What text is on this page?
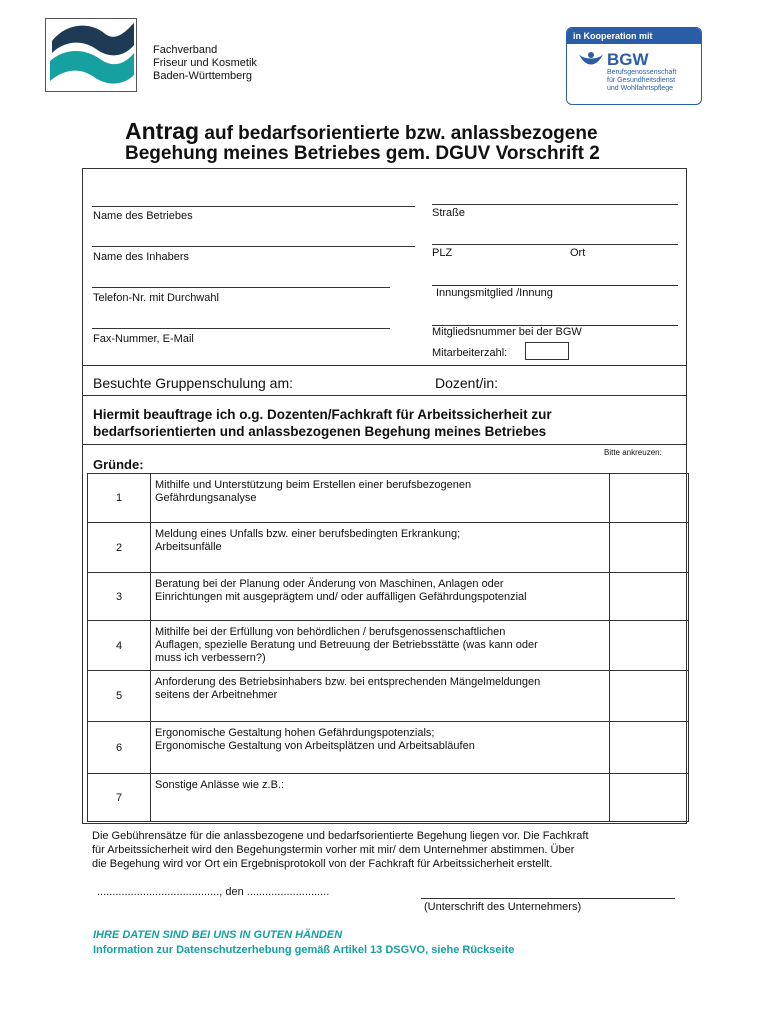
Fachverband
Friseur und Kosmetik
Baden-Württemberg
in Kooperation mit
BGW
Berufsgenossenschaft
für Gesundheitsdienst
und Wohlfahrtspflege
Antrag auf bedarfsorientierte bzw. anlassbezogene
Begehung meines Betriebes gem. DGUV Vorschrift 2
Name des Betriebes
Name des Inhabers
Telefon-Nr. mit Durchwahl
Fax-Nummer, E-Mail
Straße
PLZ	Ort
Innungsmitglied /Innung
Mitgliedsnummer bei der BGW
Mitarbeiterzahl:
Besuchte Gruppenschulung am:	Dozent/in:
Hiermit beauftrage ich o.g. Dozenten/Fachkraft für Arbeitssicherheit zur
bedarfsorientierten und anlassbezogenen Begehung meines Betriebes
Bitte ankreuzen:
Gründe:
1	Mithilfe und Unterstützung beim Erstellen einer berufsbezogenen
Gefährdungsanalyse	

2	Meldung eines Unfalls bzw. einer berufsbedingten Erkrankung;
Arbeitsunfälle	

3	Beratung bei der Planung oder Änderung von Maschinen, Anlagen oder
Einrichtungen mit ausgeprägtem und/ oder auffälligen Gefährdungspotenzial	

4	Mithilfe bei der Erfüllung von behördlichen / berufsgenossenschaftlichen
Auflagen, spezielle Beratung und Betreuung der Betriebsstätte (was kann oder
muss ich verbessern?)	

5	Anforderung des Betriebsinhabers bzw. bei entsprechenden Mängelmeldungen
seitens der Arbeitnehmer	

6	Ergonomische Gestaltung hohen Gefährdungspotenzials;
Ergonomische Gestaltung von Arbeitsplätzen und Arbeitsabläufen	

7	Sonstige Anlässe wie z.B.:	

Die Gebührensätze für die anlassbezogene und bedarfsorientierte Begehung liegen vor. Die Fachkraft
für Arbeitssicherheit wird den Begehungstermin vorher mit mir/ dem Unternehmer abstimmen. Über
die Begehung wird vor Ort ein Ergebnisprotokoll von der Fachkraft für Arbeitssicherheit erstellt.
........................................, den ...........................
(Unterschrift des Unternehmers)
IHRE DATEN SIND BEI UNS IN GUTEN HÄNDEN
Information zur Datenschutzerhebung gemäß Artikel 13 DSGVO, siehe Rückseite
